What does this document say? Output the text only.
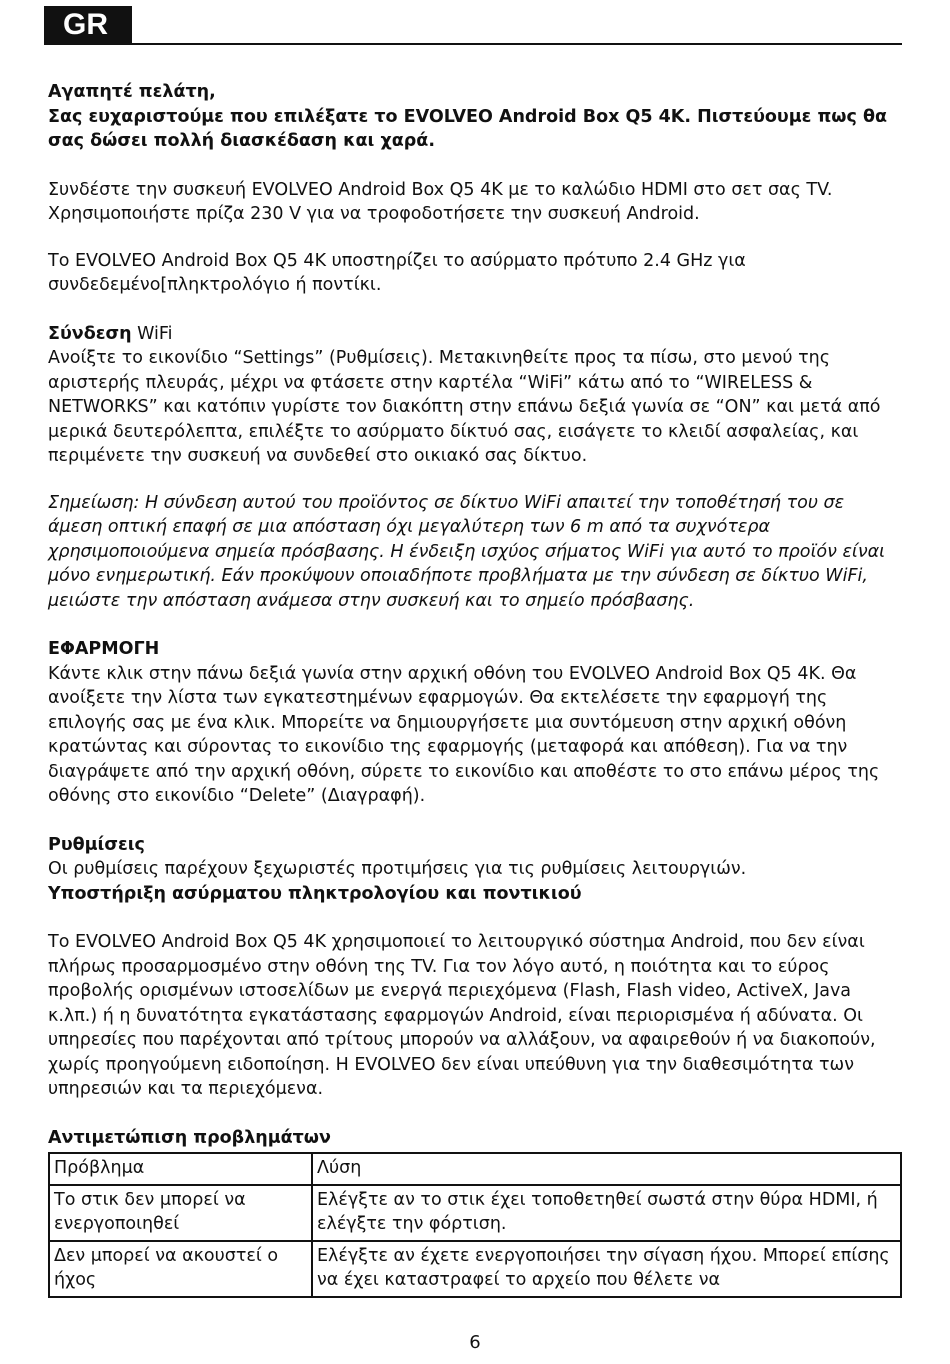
GR

Αγαπητέ πελάτη,

Σας ευχαριστούμε που επιλέξατε το EVOLVEO Android Box Q5 4K. Πιστεύουμε πως θα σας δώσει πολλή διασκέδαση και χαρά.

Συνδέστε την συσκευή EVOLVEO Android Box Q5 4K με το καλώδιο HDMI στο σετ σας TV. Χρησιμοποιήστε πρίζα 230 V για να τροφοδοτήσετε την συσκευή Android.

Το EVOLVEO Android Box Q5 4K υποστηρίζει το ασύρματο πρότυπο 2.4 GHz για συνδεδεμένο[πληκτρολόγιο ή ποντίκι.

Σύνδεση WiFi

Ανοίξτε το εικονίδιο “Settings” (Ρυθμίσεις). Μετακινηθείτε προς τα πίσω, στο μενού της αριστερής πλευράς, μέχρι να φτάσετε στην καρτέλα “WiFi” κάτω από το “WIRELESS & NETWORKS” και κατόπιν γυρίστε τον διακόπτη στην επάνω δεξιά γωνία σε “ON” και μετά από μερικά δευτερόλεπτα, επιλέξτε το ασύρματο δίκτυό σας, εισάγετε το κλειδί ασφαλείας, και περιμένετε την συσκευή να συνδεθεί στο οικιακό σας δίκτυο.

Σημείωση: Η σύνδεση αυτού του προϊόντος σε δίκτυο WiFi απαιτεί την τοποθέτησή του σε άμεση οπτική επαφή σε μια απόσταση όχι μεγαλύτερη των 6 m από τα συχνότερα χρησιμοποιούμενα σημεία πρόσβασης. Η ένδειξη ισχύος σήματος WiFi για αυτό το προϊόν είναι μόνο ενημερωτική. Εάν προκύψουν οποιαδήποτε προβλήματα με την σύνδεση σε δίκτυο WiFi, μειώστε την απόσταση ανάμεσα στην συσκευή και το σημείο πρόσβασης.

ΕΦΑΡΜΟΓΗ

Κάντε κλικ στην πάνω δεξιά γωνία στην αρχική οθόνη του EVOLVEO Android Box Q5 4K. Θα ανοίξετε την λίστα των εγκατεστημένων εφαρμογών. Θα εκτελέσετε την εφαρμογή της επιλογής σας με ένα κλικ. Μπορείτε να δημιουργήσετε μια συντόμευση στην αρχική οθόνη κρατώντας και σύροντας το εικονίδιο της εφαρμογής (μεταφορά και απόθεση). Για να την διαγράψετε από την αρχική οθόνη, σύρετε το εικονίδιο και αποθέστε το στο επάνω μέρος της οθόνης στο εικονίδιο “Delete” (Διαγραφή).

Ρυθμίσεις

Οι ρυθμίσεις παρέχουν ξεχωριστές προτιμήσεις για τις ρυθμίσεις λειτουργιών.

Υποστήριξη ασύρματου πληκτρολογίου και ποντικιού

Το EVOLVEO Android Box Q5 4K χρησιμοποιεί το λειτουργικό σύστημα Android, που δεν είναι πλήρως προσαρμοσμένο στην οθόνη της TV. Για τον λόγο αυτό, η ποιότητα και το εύρος προβολής ορισμένων ιστοσελίδων με ενεργά περιεχόμενα (Flash, Flash video, ActiveX, Java κ.λπ.) ή η δυνατότητα εγκατάστασης εφαρμογών Android, είναι περιορισμένα ή αδύνατα. Οι υπηρεσίες που παρέχονται από τρίτους μπορούν να αλλάξουν, να αφαιρεθούν ή να διακοπούν, χωρίς προηγούμενη ειδοποίηση. Η EVOLVEO δεν είναι υπεύθυνη για την διαθεσιμότητα των υπηρεσιών και τα περιεχόμενα.

Αντιμετώπιση προβλημάτων

Πρόβλημα	Λύση
Το στικ δεν μπορεί να ενεργοποιηθεί	Ελέγξτε αν το στικ έχει τοποθετηθεί σωστά στην θύρα HDMI, ή ελέγξτε την φόρτιση.
Δεν μπορεί να ακουστεί ο ήχος	Ελέγξτε αν έχετε ενεργοποιήσει την σίγαση ήχου. Μπορεί επίσης να έχει καταστραφεί το αρχείο που θέλετε να
6
